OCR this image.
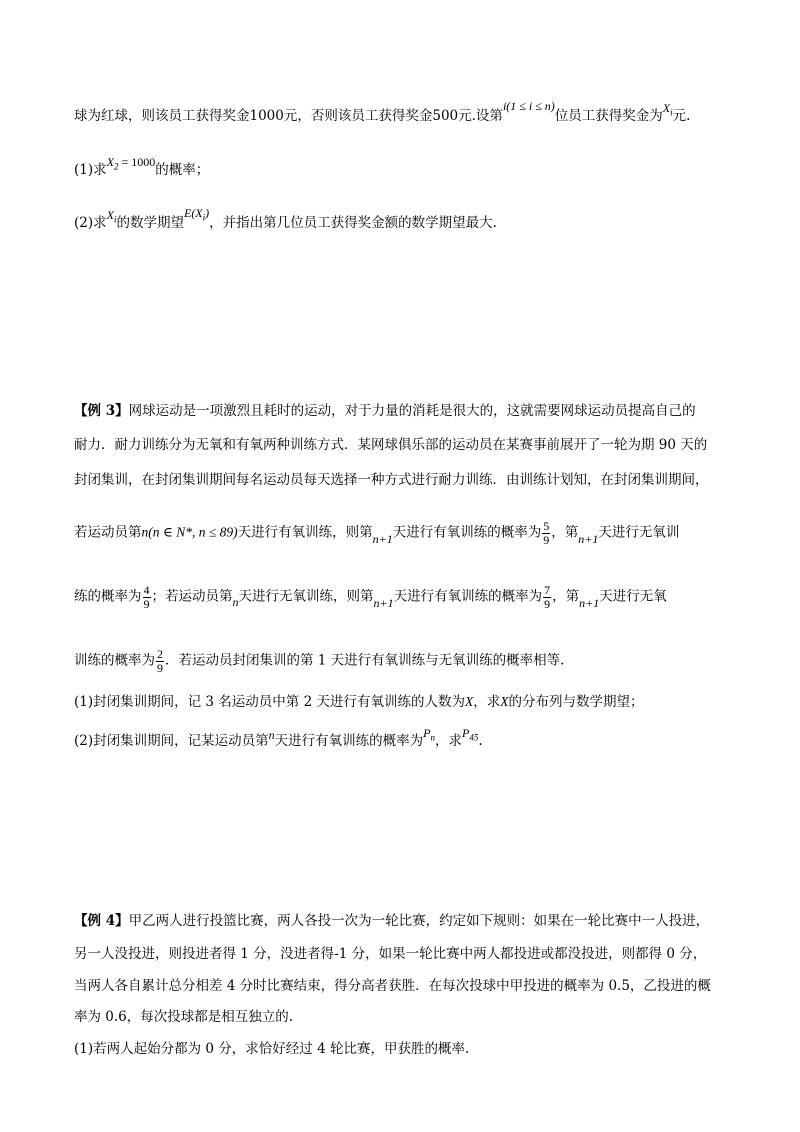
球为红球，则该员工获得奖金1000元，否则该员工获得奖金500元.设第i(1 ≤ i ≤ n)位员工获得奖金为$X_i$元.
(1)求$X_2 = 1000$的概率；
(2)求$X_i$的数学期望$E(X_i)$，并指出第几位员工获得奖金额的数学期望最大.
【例 3】网球运动是一项激烈且耗时的运动，对于力量的消耗是很大的，这就需要网球运动员提高自己的
耐力．耐力训练分为无氧和有氧两种训练方式．某网球俱乐部的运动员在某赛事前展开了一轮为期 90 天的
封闭集训，在封闭集训期间每名运动员每天选择一种方式进行耐力训练．由训练计划知，在封闭集训期间，
若运动员第n(n ∈ N*, n ≤ 89)天进行有氧训练，则第n+1天进行有氧训练的概率为 $\frac{5}{9}$ ，第n+1天进行无氧训
练的概率为 $\frac{4}{9}$ ；若运动员第n天进行无氧训练，则第n+1天进行有氧训练的概率为 $\frac{7}{9}$ ，第n+1天进行无氧
训练的概率为 $\frac{2}{9}$ ．若运动员封闭集训的第 1 天进行有氧训练与无氧训练的概率相等.
(1)封闭集训期间，记 3 名运动员中第 2 天进行有氧训练的人数为X，求X的分布列与数学期望；
(2)封闭集训期间，记某运动员第n天进行有氧训练的概率为$P_n$，求$P_{45}$.
【例 4】甲乙两人进行投篮比赛，两人各投一次为一轮比赛，约定如下规则：如果在一轮比赛中一人投进，
另一人没投进，则投进者得 1 分，没进者得-1 分，如果一轮比赛中两人都投进或都没投进，则都得 0 分，
当两人各自累计总分相差 4 分时比赛结束，得分高者获胜．在每次投球中甲投进的概率为 0.5，乙投进的概
率为 0.6，每次投球都是相互独立的.
(1)若两人起始分都为 0 分，求恰好经过 4 轮比赛，甲获胜的概率.
